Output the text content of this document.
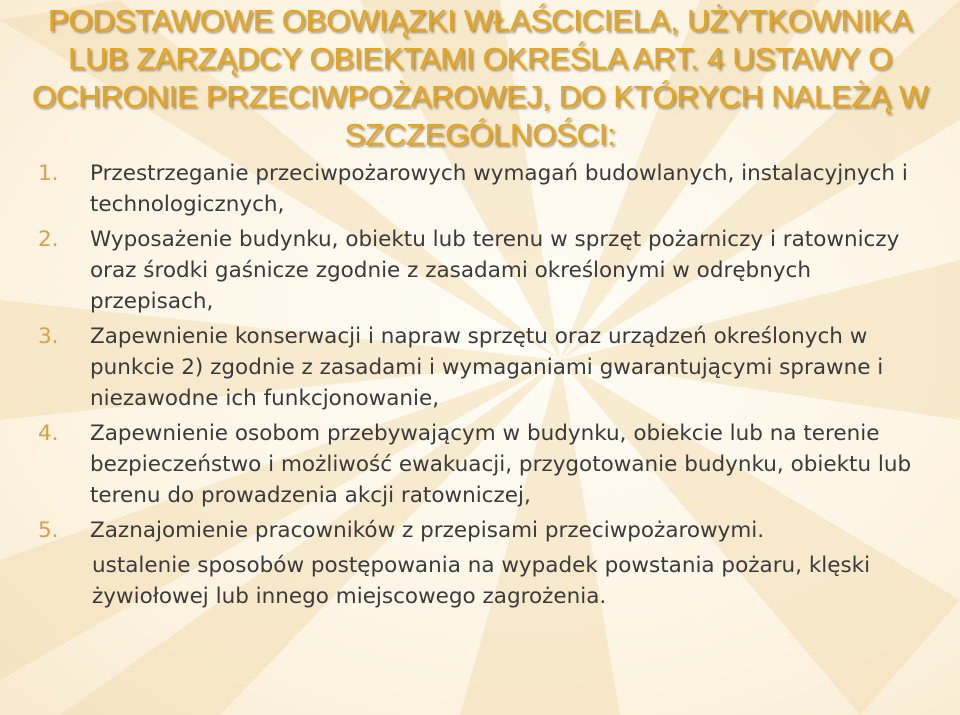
PODSTAWOWE OBOWIĄZKI WŁAŚCICIELA, UŻYTKOWNIKA LUB ZARZĄDCY OBIEKTAMI OKREŚLA ART. 4 USTAWY O OCHRONIE PRZECIWPOŻAROWEJ, DO KTÓRYCH NALEŻĄ W SZCZEGÓLNOŚCI:
1. Przestrzeganie przeciwpożarowych wymagań budowlanych, instalacyjnych i technologicznych,
2. Wyposażenie budynku, obiektu lub terenu w sprzęt pożarniczy i ratowniczy oraz środki gaśnicze zgodnie z zasadami określonymi w odrębnych przepisach,
3. Zapewnienie konserwacji i napraw sprzętu oraz urządzeń określonych w punkcie 2) zgodnie z zasadami i wymaganiami gwarantującymi sprawne i niezawodne ich funkcjonowanie,
4. Zapewnienie osobom przebywającym w budynku, obiekcie lub na terenie bezpieczeństwo i możliwość ewakuacji, przygotowanie budynku, obiektu lub terenu do prowadzenia akcji ratowniczej,
5. Zaznajomienie pracowników z przepisami przeciwpożarowymi.
ustalenie sposobów postępowania na wypadek powstania pożaru, klęski żywiołowej lub innego miejscowego zagrożenia.
